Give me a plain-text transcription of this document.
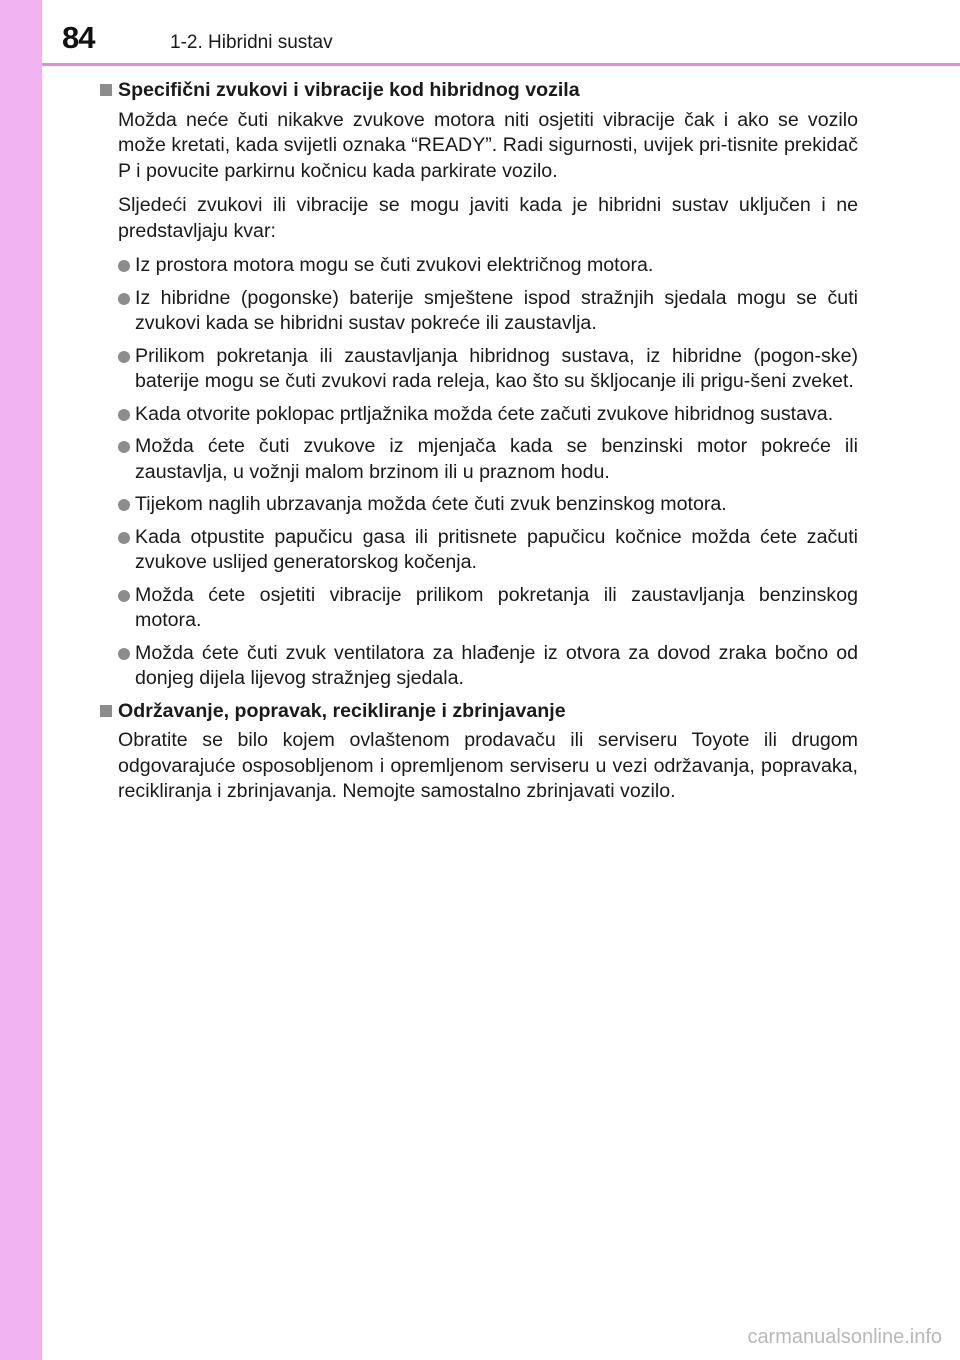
84	1-2. Hibridni sustav
Specifični zvukovi i vibracije kod hibridnog vozila
Možda neće čuti nikakve zvukove motora niti osjetiti vibracije čak i ako se vozilo može kretati, kada svijetli oznaka “READY”. Radi sigurnosti, uvijek pri-tisnite prekidač P i povucite parkirnu kočnicu kada parkirate vozilo.
Sljedeći zvukovi ili vibracije se mogu javiti kada je hibridni sustav uključen i ne predstavljaju kvar:
Iz prostora motora mogu se čuti zvukovi električnog motora.
Iz hibridne (pogonske) baterije smještene ispod stražnjih sjedala mogu se čuti zvukovi kada se hibridni sustav pokreće ili zaustavlja.
Prilikom pokretanja ili zaustavljanja hibridnog sustava, iz hibridne (pogon-ske) baterije mogu se čuti zvukovi rada releja, kao što su škljocanje ili prigu-šeni zveket.
Kada otvorite poklopac prtljažnika možda ćete začuti zvukove hibridnog sustava.
Možda ćete čuti zvukove iz mjenjača kada se benzinski motor pokreće ili zaustavlja, u vožnji malom brzinom ili u praznom hodu.
Tijekom naglih ubrzavanja možda ćete čuti zvuk benzinskog motora.
Kada otpustite papučicu gasa ili pritisnete papučicu kočnice možda ćete začuti zvukove uslijed generatorskog kočenja.
Možda ćete osjetiti vibracije prilikom pokretanja ili zaustavljanja benzinskog motora.
Možda ćete čuti zvuk ventilatora za hlađenje iz otvora za dovod zraka bočno od donjeg dijela lijevog stražnjeg sjedala.
Održavanje, popravak, recikliranje i zbrinjavanje
Obratite se bilo kojem ovlaštenom prodavaču ili serviseru Toyote ili drugom odgovarajuće osposobljenom i opremljenom serviseru u vezi održavanja, popravaka, recikliranja i zbrinjavanja. Nemojte samostalno zbrinjavati vozilo.
carmanualsonline.info
